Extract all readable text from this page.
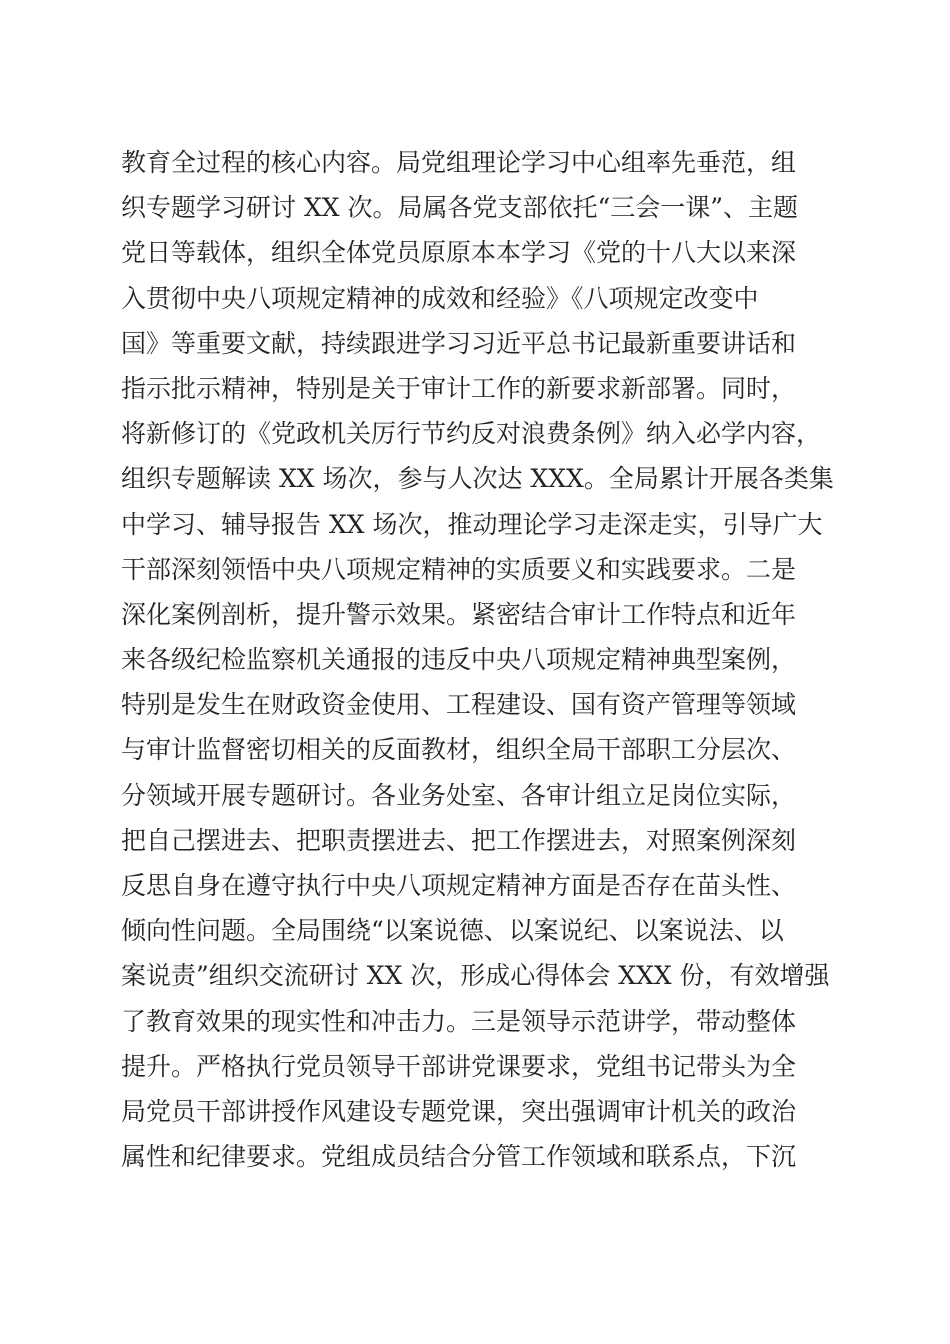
教育全过程的核心内容。局党组理论学习中心组率先垂范，组
织专题学习研讨 XX 次。局属各党支部依托“三会一课”、主题
党日等载体，组织全体党员原原本本学习《党的十八大以来深
入贯彻中央八项规定精神的成效和经验》《八项规定改变中
国》等重要文献，持续跟进学习习近平总书记最新重要讲话和
指示批示精神，特别是关于审计工作的新要求新部署。同时，
将新修订的《党政机关厉行节约反对浪费条例》纳入必学内容，
组织专题解读 XX 场次，参与人次达 XXX。全局累计开展各类集
中学习、辅导报告 XX 场次，推动理论学习走深走实，引导广大
干部深刻领悟中央八项规定精神的实质要义和实践要求。二是
深化案例剖析，提升警示效果。紧密结合审计工作特点和近年
来各级纪检监察机关通报的违反中央八项规定精神典型案例，
特别是发生在财政资金使用、工程建设、国有资产管理等领域
与审计监督密切相关的反面教材，组织全局干部职工分层次、
分领域开展专题研讨。各业务处室、各审计组立足岗位实际，
把自己摆进去、把职责摆进去、把工作摆进去，对照案例深刻
反思自身在遵守执行中央八项规定精神方面是否存在苗头性、
倾向性问题。全局围绕“以案说德、以案说纪、以案说法、以
案说责”组织交流研讨 XX 次，形成心得体会 XXX 份，有效增强
了教育效果的现实性和冲击力。三是领导示范讲学，带动整体
提升。严格执行党员领导干部讲党课要求，党组书记带头为全
局党员干部讲授作风建设专题党课，突出强调审计机关的政治
属性和纪律要求。党组成员结合分管工作领域和联系点，下沉
